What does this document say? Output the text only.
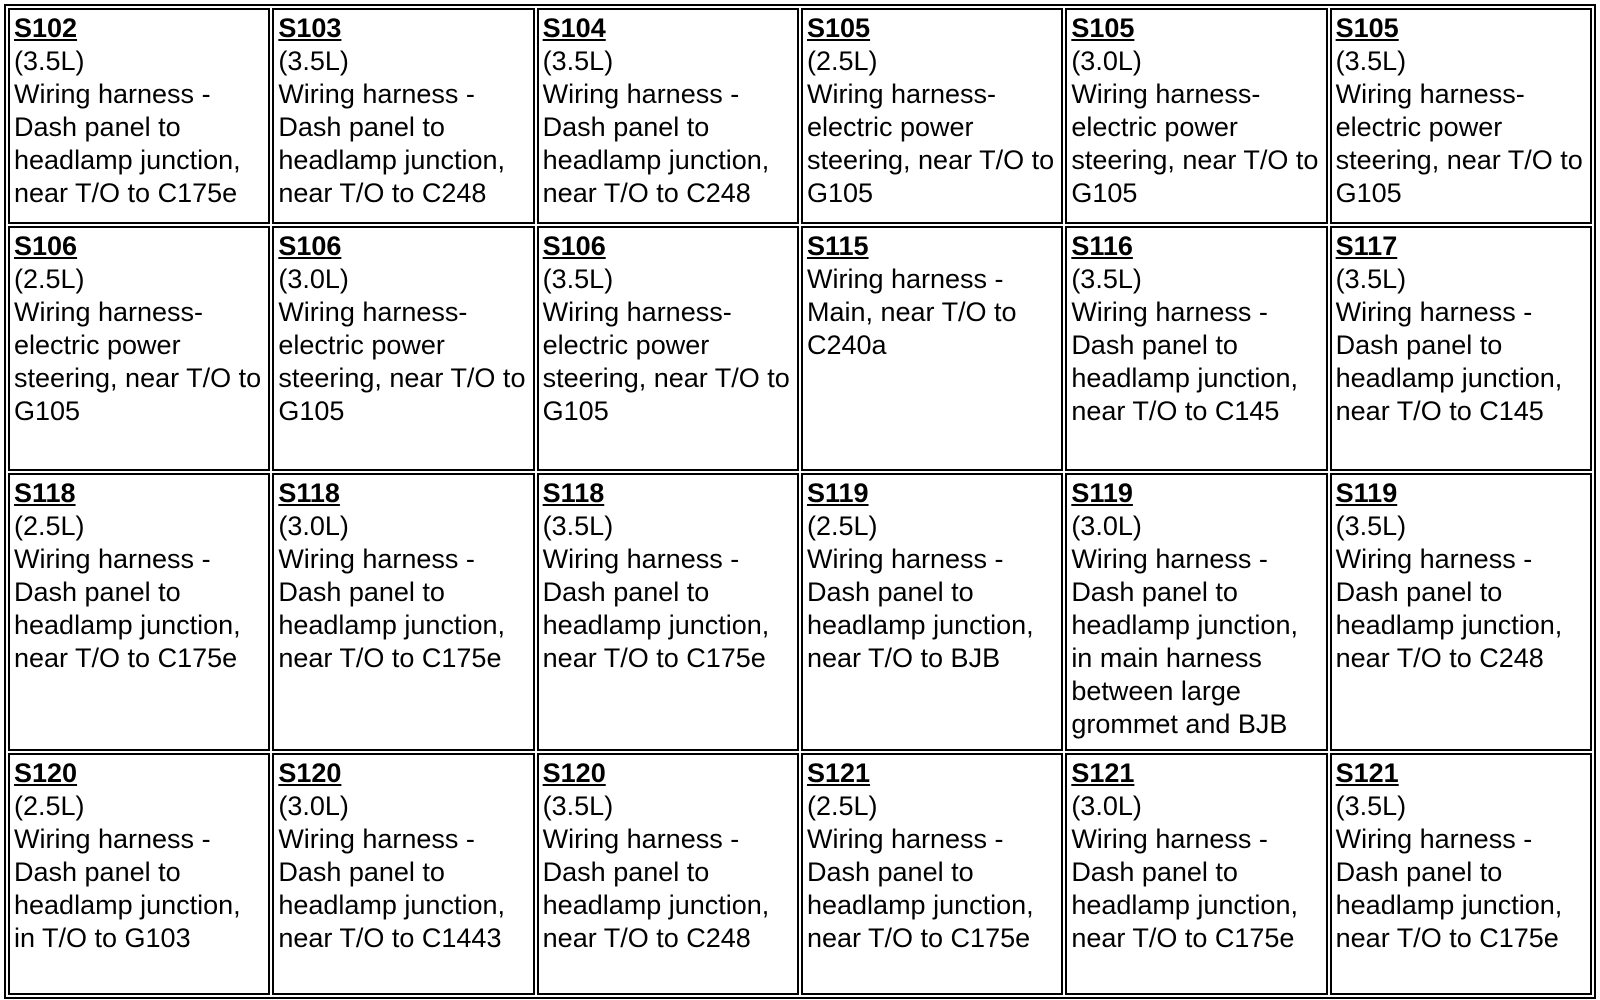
S102
(3.5L)
Wiring harness - Dash panel to headlamp junction, near T/O to C175e	S103
(3.5L)
Wiring harness - Dash panel to headlamp junction, near T/O to C248	S104
(3.5L)
Wiring harness - Dash panel to headlamp junction, near T/O to C248	S105
(2.5L)
Wiring harness-electric power steering, near T/O to G105	S105
(3.0L)
Wiring harness-electric power steering, near T/O to G105	S105
(3.5L)
Wiring harness-electric power steering, near T/O to G105

S106
(2.5L)
Wiring harness-electric power steering, near T/O to G105	S106
(3.0L)
Wiring harness-electric power steering, near T/O to G105	S106
(3.5L)
Wiring harness-electric power steering, near T/O to G105	S115
Wiring harness - Main, near T/O to C240a	S116
(3.5L)
Wiring harness - Dash panel to headlamp junction, near T/O to C145	S117
(3.5L)
Wiring harness - Dash panel to headlamp junction, near T/O to C145

S118
(2.5L)
Wiring harness - Dash panel to headlamp junction, near T/O to C175e	S118
(3.0L)
Wiring harness - Dash panel to headlamp junction, near T/O to C175e	S118
(3.5L)
Wiring harness - Dash panel to headlamp junction, near T/O to C175e	S119
(2.5L)
Wiring harness - Dash panel to headlamp junction, near T/O to BJB	S119
(3.0L)
Wiring harness - Dash panel to headlamp junction, in main harness between large grommet and BJB	S119
(3.5L)
Wiring harness - Dash panel to headlamp junction, near T/O to C248

S120
(2.5L)
Wiring harness - Dash panel to headlamp junction, in T/O to G103	S120
(3.0L)
Wiring harness - Dash panel to headlamp junction, near T/O to C1443	S120
(3.5L)
Wiring harness - Dash panel to headlamp junction, near T/O to C248	S121
(2.5L)
Wiring harness - Dash panel to headlamp junction, near T/O to C175e	S121
(3.0L)
Wiring harness - Dash panel to headlamp junction, near T/O to C175e	S121
(3.5L)
Wiring harness - Dash panel to headlamp junction, near T/O to C175e
